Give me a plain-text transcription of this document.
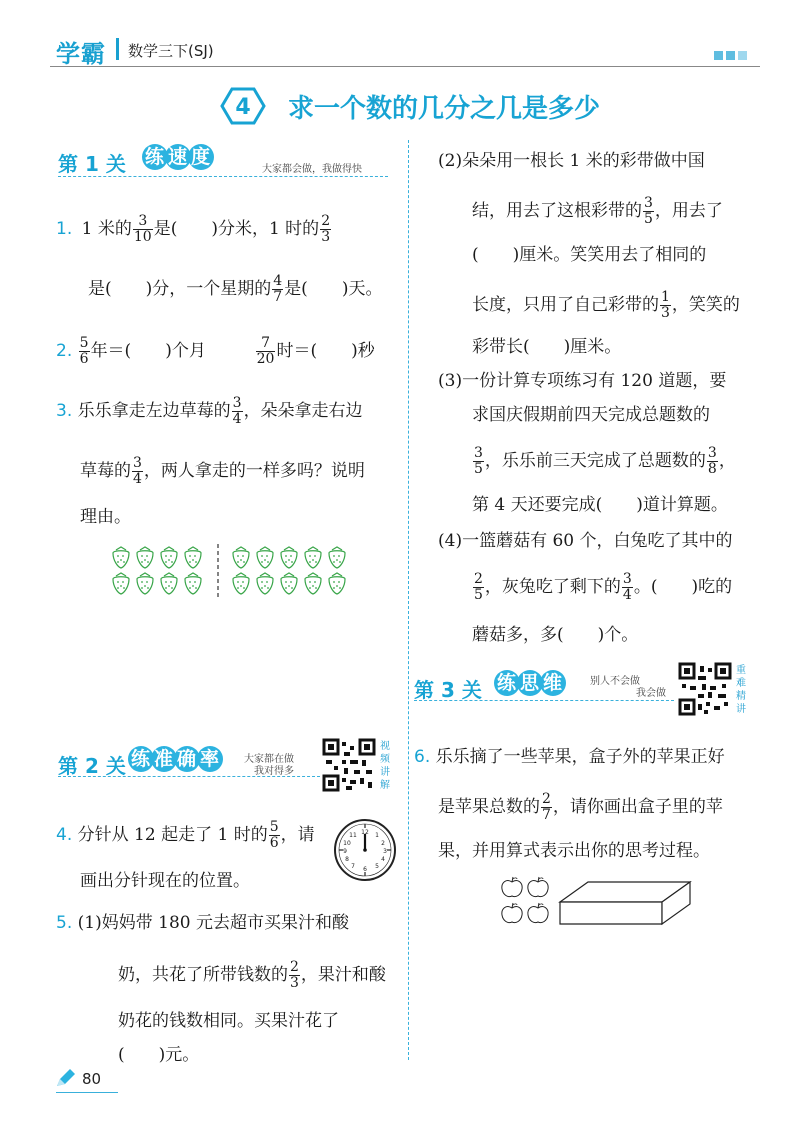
学霸 数学三下(SJ)
4 求一个数的几分之几是多少
第 1 关 练 速 度
大家都会做，我做得快
1. 1 米的 $\frac{3}{10}$ 是(　　)分米，1 时的 $\frac{2}{3}$
是(　　)分，一个星期的 $\frac{4}{7}$ 是(　　)天。
2. $\frac{5}{6}$ 年＝(　　)个月	$\frac{7}{20}$ 时＝(　　)秒
3. 乐乐拿走左边草莓的 $\frac{3}{4}$ ，朵朵拿走右边
草莓的 $\frac{3}{4}$ ，两人拿走的一样多吗？说明
理由。
第 2 关 练 准 确 率 大家都在做
我对得多
视频讲解
4. 分针从 12 起走了 1 时的 $\frac{5}{6}$ ，请
画出分针现在的位置。
12 1
2
3
4
5
6
7
8
9
10
11
5. (1)妈妈带 180 元去超市买果汁和酸
奶，共花了所带钱数的 $\frac{2}{3}$ ，果汁和酸
奶花的钱数相同。买果汁花了
(　　)元。
(2)朵朵用一根长 1 米的彩带做中国
结，用去了这根彩带的 $\frac{3}{5}$ ，用去了
(　　)厘米。笑笑用去了相同的
长度，只用了自己彩带的 $\frac{1}{3}$ ，笑笑的
彩带长(　　)厘米。
(3)一份计算专项练习有 120 道题，要
求国庆假期前四天完成总题数的
$\frac{3}{5}$ ，乐乐前三天完成了总题数的 $\frac{3}{8}$ ，
第 4 天还要完成(　　)道计算题。
(4)一篮蘑菇有 60 个，白兔吃了其中的
$\frac{2}{5}$ ，灰兔吃了剩下的 $\frac{3}{4}$ 。(　　)吃的
蘑菇多，多(　　)个。
第 3 关 练 思 维	别人不会做
我会做
重难精讲
6. 乐乐摘了一些苹果，盒子外的苹果正好
是苹果总数的 $\frac{2}{7}$ ，请你画出盒子里的苹
果，并用算式表示出你的思考过程。
80
